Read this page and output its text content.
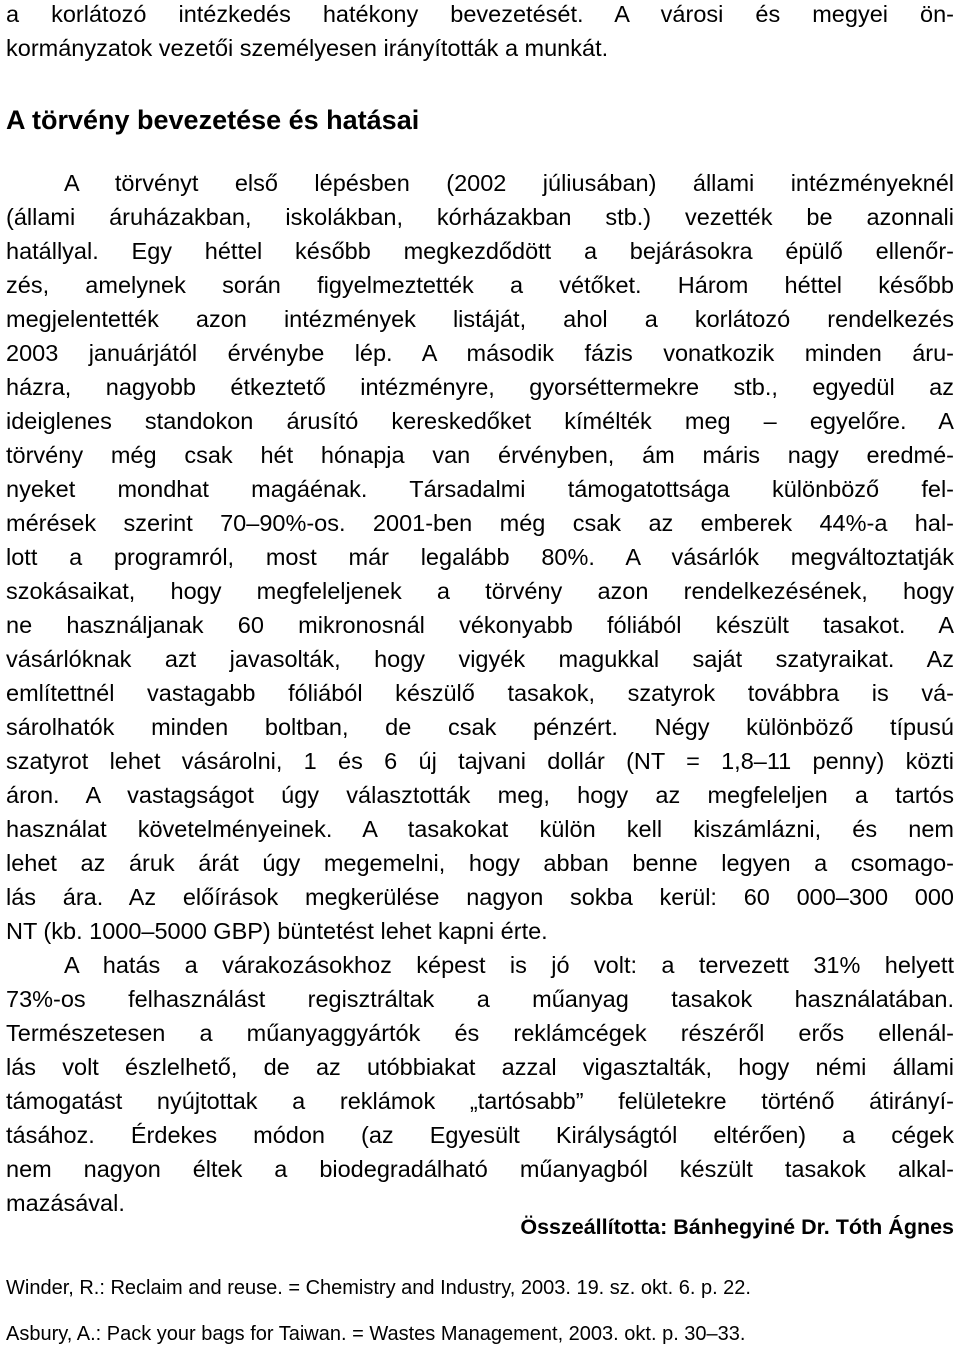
a korlátozó intézkedés hatékony bevezetését. A városi és megyei ön-
kormányzatok vezetői személyesen irányították a munkát.
A törvény bevezetése és hatásai
A törvényt első lépésben (2002 júliusában) állami intézményeknél
(állami áruházakban, iskolákban, kórházakban stb.) vezették be azonnali
hatállyal. Egy héttel később megkezdődött a bejárásokra épülő ellenőr-
zés, amelynek során figyelmeztették a vétőket. Három héttel később
megjelentették azon intézmények listáját, ahol a korlátozó rendelkezés
2003 januárjától érvénybe lép. A második fázis vonatkozik minden áru-
házra, nagyobb étkeztető intézményre, gyorséttermekre stb., egyedül az
ideiglenes standokon árusító kereskedőket kímélték meg – egyelőre. A
törvény még csak hét hónapja van érvényben, ám máris nagy eredmé-
nyeket mondhat magáénak. Társadalmi támogatottsága különböző fel-
mérések szerint 70–90%-os. 2001-ben még csak az emberek 44%-a hal-
lott a programról, most már legalább 80%. A vásárlók megváltoztatják
szokásaikat, hogy megfeleljenek a törvény azon rendelkezésének, hogy
ne használjanak 60 mikronosnál vékonyabb fóliából készült tasakot. A
vásárlóknak azt javasolták, hogy vigyék magukkal saját szatyraikat. Az
említettnél vastagabb fóliából készülő tasakok, szatyrok továbbra is vá-
sárolhatók minden boltban, de csak pénzért. Négy különböző típusú
szatyrot lehet vásárolni, 1 és 6 új tajvani dollár (NT = 1,8–11 penny) közti
áron. A vastagságot úgy választották meg, hogy az megfeleljen a tartós
használat követelményeinek. A tasakokat külön kell kiszámlázni, és nem
lehet az áruk árát úgy megemelni, hogy abban benne legyen a csomago-
lás ára. Az előírások megkerülése nagyon sokba kerül: 60 000–300 000
NT (kb. 1000–5000 GBP) büntetést lehet kapni érte.
A hatás a várakozásokhoz képest is jó volt: a tervezett 31% helyett
73%-os felhasználást regisztráltak a műanyag tasakok használatában.
Természetesen a műanyaggyártók és reklámcégek részéről erős ellenál-
lás volt észlelhető, de az utóbbiakat azzal vigasztalták, hogy némi állami
támogatást nyújtottak a reklámok „tartósabb” felületekre történő átirányí-
tásához. Érdekes módon (az Egyesült Királyságtól eltérően) a cégek
nem nagyon éltek a biodegradálható műanyagból készült tasakok alkal-
mazásával.
Összeállította: Bánhegyiné Dr. Tóth Ágnes
Winder, R.: Reclaim and reuse. = Chemistry and Industry, 2003. 19. sz. okt. 6. p. 22.
Asbury, A.: Pack your bags for Taiwan. = Wastes Management, 2003. okt. p. 30–33.
